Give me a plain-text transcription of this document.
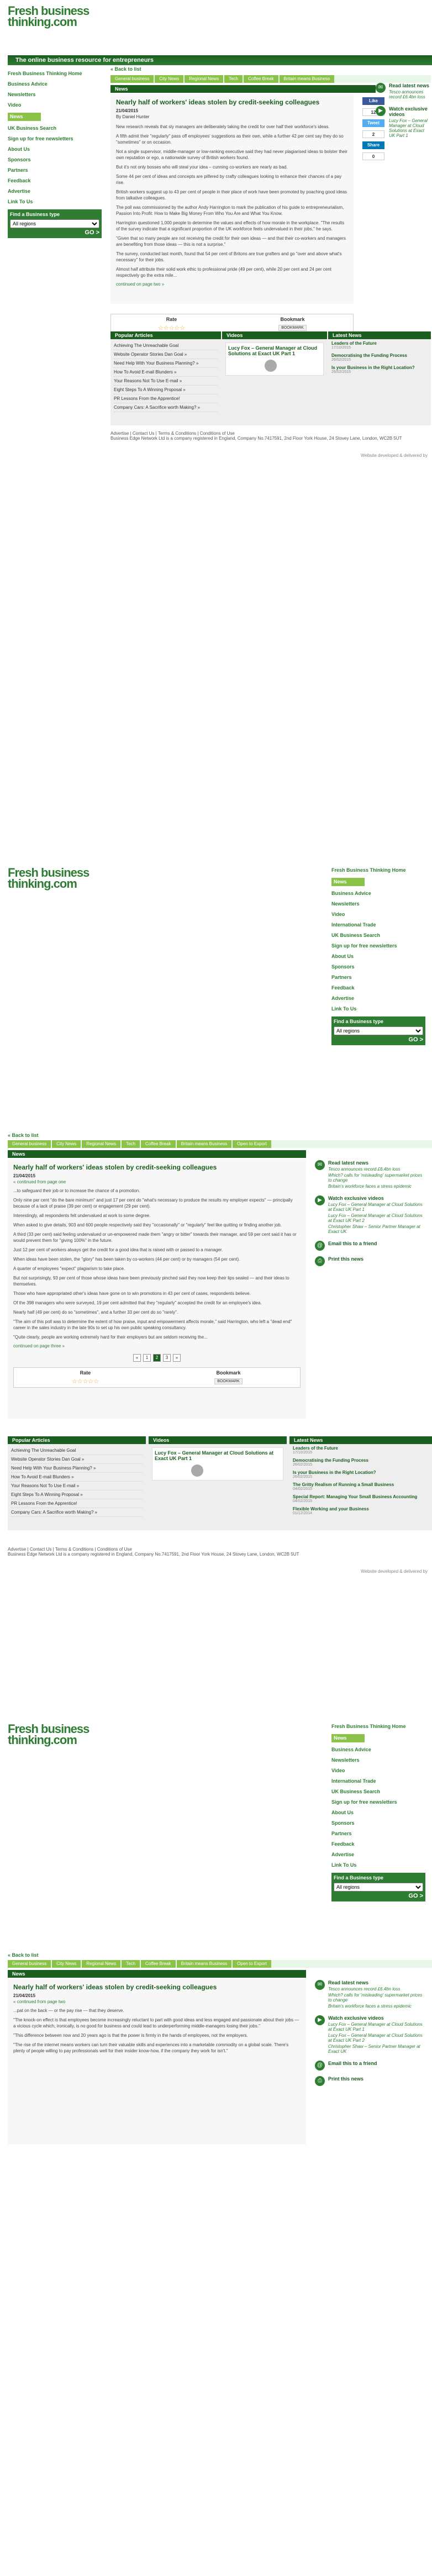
Fresh business
thinking.com
The online business resource for entrepreneurs
Fresh Business Thinking Home
Business Advice
Newsletters
Video
News
UK Business Search
Sign up for free newsletters
About Us
Sponsors
Partners
Feedback
Advertise
Link To Us
Find a Business type
All regions
GO >
« Back to list
General business City News Regional News Tech Coffee Break Britain means Business
News
Nearly half of workers' ideas stolen by credit-seeking colleagues
21/04/2015
By Daniel Hunter

New research reveals that sly managers are deliberately taking the credit for over half their workforce's ideas.

A fifth admit their "regularly" pass off employees' suggestions as their own, while a further 42 per cent say they do so "sometimes" or on occasion.

Not a single supervisor, middle-manager or low-ranking executive said they had never plagiarised ideas to bolster their own reputation or ego, a nationwide survey of British workers found.

But it's not only bosses who will steal your idea – cunning co-workers are nearly as bad.

Some 44 per cent of ideas and concepts are pilfered by crafty colleagues looking to enhance their chances of a pay rise.

British workers suggest up to 43 per cent of people in their place of work have been promoted by poaching good ideas from talkative colleagues.

The poll was commissioned by the author Andy Harrington to mark the publication of his guide to entrepreneurialism, Passion Into Profit: How to Make Big Money From Who You Are and What You Know.

Harrington questioned 1,000 people to determine the values and effects of how morale in the workplace. "The results of the survey indicate that a significant proportion of the UK workforce feels undervalued in their jobs," he says.

"Given that so many people are not receiving the credit for their own ideas — and that their co-workers and managers are benefiting from those ideas — this is not a surprise."

The survey, conducted last month, found that 54 per cent of Britons are true grafters and go "over and above what's necessary" for their jobs.

Almost half attribute their solid work ethic to professional pride (49 per cent), while 20 per cent and 24 per cent respectively go the extra mile...

continued on page two »
Like
12
Tweet
2
Share
0
Rate
☆☆☆☆☆
Bookmark
BOOKMARK
✉	Read latest news
Tesco announces record £6.4bn loss
▶	Watch exclusive videos
Lucy Fox – General Manager at Cloud Solutions at Exact UK Part 1
Popular Articles
Achieving The Unreachable Goal
Website Operator Stories Dan Goal »
Need Help With Your Business Planning? »
How To Avoid E-mail Blunders »
Your Reasons Not To Use E-mail »
Eight Steps To A Winning Proposal »
PR Lessons From the Apprentice!
Company Cars: A Sacrifice worth Making? »
Videos
Lucy Fox – General Manager at Cloud Solutions at Exact UK Part 1
Latest News
Leaders of the Future
17/10/2015
Democratising the Funding Process
26/02/2015
Is your Business in the Right Location?
26/02/2015
Advertise | Contact Us | Terms & Conditions | Conditions of Use
Business Edge Network Ltd is a company registered in England, Company No.7417591, 2nd Floor York House, 24 Stovey Lane, London, WC2B 5UT
Website developed & delivered by
Fresh business
thinking.com
Fresh Business Thinking Home
News
Business Advice
Newsletters
Video
International Trade
UK Business Search
Sign up for free newsletters
About Us
Sponsors
Partners
Feedback
Advertise
Link To Us
Find a Business type
All regions
GO >
« Back to list
General business City News Regional News Tech Coffee Break Britain means Business Open to Export
News
Nearly half of workers' ideas stolen by credit-seeking colleagues
21/04/2015
« continued from page one

...to safeguard their job or to increase the chance of a promotion.

Only nine per cent "do the bare minimum" and just 17 per cent do "what's necessary to produce the results my employer expects" — principally because of a lack of praise (39 per cent) or engagement (29 per cent).

Interestingly, all respondents felt undervalued at work to some degree.

When asked to give details, 903 and 600 people respectively said they "occasionally" or "regularly" feel like quitting or finding another job.

A third (33 per cent) said feeling undervalued or un-empowered made them "angry or bitter" towards their manager, and 59 per cent said it has or would prevent them for "giving 100%" in the future.

Just 12 per cent of workers always get the credit for a good idea that is raised with or passed to a manager.

When ideas have been stolen, the "glory" has been taken by co-workers (44 per cent) or by managers (54 per cent).

A quarter of employees "expect" plagiarism to take place.

But not surprisingly, 93 per cent of those whose ideas have been previously pinched said they now keep their lips sealed — and their ideas to themselves.

Those who have appropriated other's ideas have gone on to win promotions in 43 per cent of cases, respondents believe.

Of the 398 managers who were surveyed, 19 per cent admitted that they "regularly" accepted the credit for an employee's idea.

Nearly half (49 per cent) do so "sometimes", and a further 33 per cent do so "rarely".

"The aim of this poll was to determine the extent of how praise, input and empowerment affects morale," said Harrington, who left a "dead end" career in the sales industry in the late 90s to set up his own public speaking consultancy.

"Quite clearly, people are working extremely hard for their employers but are seldom receiving the...

continued on page three »
«	1	2	3	»
Rate
☆☆☆☆☆
Bookmark
BOOKMARK
✉	Read latest news
Tesco announces record £6.4bn loss
Which? calls for 'misleading' supermarket prices to change
Britain's workforce faces a stress epidemic
▶	Watch exclusive videos
Lucy Fox – General Manager at Cloud Solutions at Exact UK Part 1
Lucy Fox – General Manager at Cloud Solutions at Exact UK Part 2
Christopher Shaw – Senior Partner Manager at Exact UK
@	Email this to a friend
⎙	Print this news
Popular Articles
Achieving The Unreachable Goal
Website Operator Stories Dan Goal »
Need Help With Your Business Planning? »
How To Avoid E-mail Blunders »
Your Reasons Not To Use E-mail »
Eight Steps To A Winning Proposal »
PR Lessons From the Apprentice!
Company Cars: A Sacrifice worth Making? »
Videos
Lucy Fox – General Manager at Cloud Solutions at Exact UK Part 1
Latest News
Leaders of the Future
17/10/2015
Democratising the Funding Process
26/02/2015
Is your Business in the Right Location?
26/02/2015
The Gritty Realism of Running a Small Business
04/02/2015
Special Report: Managing Your Small Business Accounting
04/02/2015
Flexible Working and your Business
01/12/2014
Advertise | Contact Us | Terms & Conditions | Conditions of Use
Business Edge Network Ltd is a company registered in England, Company No.7417591, 2nd Floor York House, 24 Stovey Lane, London, WC2B 5UT
Website developed & delivered by
Fresh business
thinking.com
Fresh Business Thinking Home
News
Business Advice
Newsletters
Video
International Trade
UK Business Search
Sign up for free newsletters
About Us
Sponsors
Partners
Feedback
Advertise
Link To Us
Find a Business type
All regions
GO >
« Back to list
General business City News Regional News Tech Coffee Break Britain means Business Open to Export
News
Nearly half of workers' ideas stolen by credit-seeking colleagues
21/04/2015
« continued from page two

...pat on the back — or the pay rise — that they deserve.

"The knock-on effect is that employees become increasingly reluctant to part with good ideas and less engaged and passionate about their jobs — a vicious cycle which, ironically, is no good for business and could lead to underperforming middle-managers losing their jobs."

"This difference between now and 20 years ago is that the power is firmly in the hands of employees, not the employers.

"The rise of the internet means workers can turn their valuable skills and experiences into a marketable commodity on a global scale. There's plenty of people willing to pay professionals well for their insider know-how, if the company they work for isn't."

✉	Read latest news
Tesco announces record £6.4bn loss
Which? calls for 'misleading' supermarket prices to change
Britain's workforce faces a stress epidemic
▶	Watch exclusive videos
Lucy Fox – General Manager at Cloud Solutions at Exact UK Part 1
Lucy Fox – General Manager at Cloud Solutions at Exact UK Part 2
Christopher Shaw – Senior Partner Manager at Exact UK
@	Email this to a friend
⎙	Print this news
